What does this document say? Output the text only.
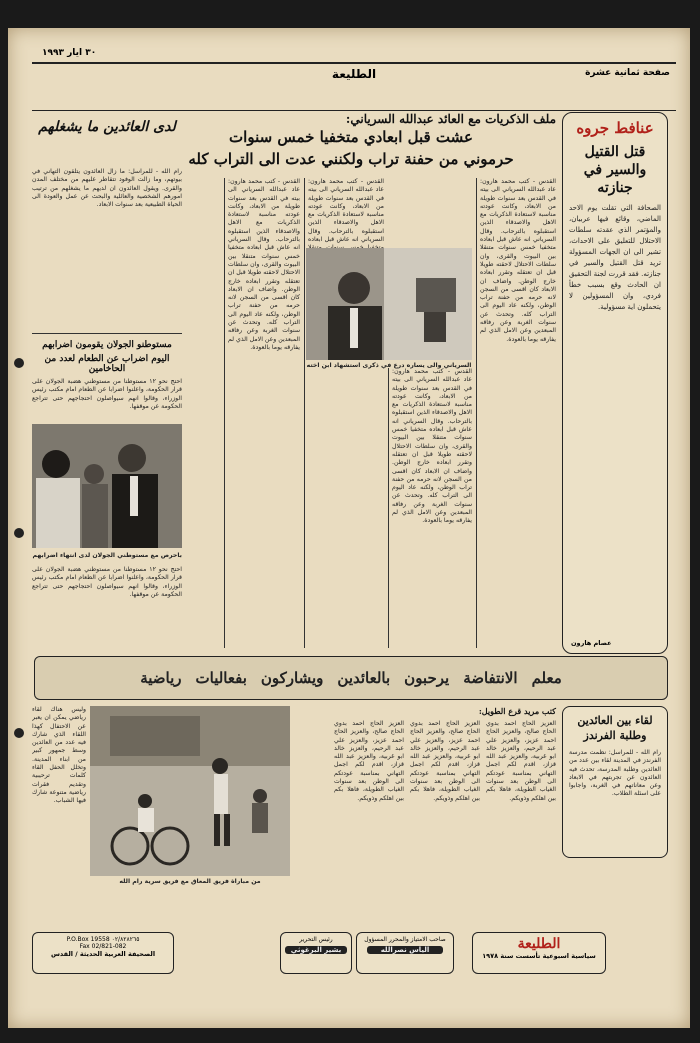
٣٠ ايار ١٩٩٣
صفحة ثمانية عشرة
الطليعة
عنافط جروه
قتل القتيل والسير في جنازته
الصحافة التي تقلت يوم الاحد الماضي، وقائع فيها عربيان، والمؤتمر الذي عقدته سلطات الاحتلال للتعليق على الاحداث، تشير الى ان الجهات المسؤولة تريد قتل القتيل والسير في جنازته. فقد قررت لجنة التحقيق ان الحادث وقع بسبب خطأ فردي، وان المسؤولين لا يتحملون اية مسؤولية.
عصام هارون
ملف الذكريات مع العائد عبدالله السرياني:
عشت قبل ابعادي متخفيا خمس سنوات
حرموني من حفنة تراب ولكنني عدت الى التراب كله
القدس - كتب محمد هارون: عاد عبدالله السرياني الى بيته في القدس بعد سنوات طويلة من الابعاد، وكانت عودته مناسبة لاستعادة الذكريات مع الاهل والاصدقاء الذين استقبلوه بالترحاب. وقال السرياني انه عاش قبل ابعاده متخفيا خمس سنوات متنقلا بين البيوت والقرى، وان سلطات الاحتلال لاحقته طويلا قبل ان تعتقله وتقرر ابعاده خارج الوطن. واضاف ان الابعاد كان اقسى من السجن لانه حرمه من حفنة تراب الوطن، ولكنه عاد اليوم الى التراب كله. وتحدث عن سنوات الغربة وعن رفاقه المبعدين وعن الامل الذي لم يفارقه يوما بالعودة.
القدس - كتب محمد هارون: عاد عبدالله السرياني الى بيته في القدس بعد سنوات طويلة من الابعاد، وكانت عودته مناسبة لاستعادة الذكريات مع الاهل والاصدقاء الذين استقبلوه بالترحاب. وقال السرياني انه عاش قبل ابعاده متخفيا خمس سنوات متنقلا بين البيوت والقرى، وان سلطات الاحتلال لاحقته طويلا قبل ان تعتقله وتقرر ابعاده خارج الوطن. واضاف ان الابعاد كان اقسى من السجن لانه حرمه من حفنة تراب الوطن، ولكنه عاد اليوم الى التراب كله. وتحدث عن سنوات الغربة وعن رفاقه المبعدين وعن الامل الذي لم يفارقه يوما بالعودة.
القدس - كتب محمد هارون: عاد عبدالله السرياني الى بيته في القدس بعد سنوات طويلة من الابعاد، وكانت عودته مناسبة لاستعادة الذكريات مع الاهل والاصدقاء الذين استقبلوه بالترحاب. وقال السرياني انه عاش قبل ابعاده
القدس - كتب محمد هارون: عاد عبدالله السرياني الى بيته في القدس بعد سنوات طويلة من الابعاد، وكانت عودته مناسبة لاستعادة الذكريات مع الاهل والاصدقاء الذين استقبلوه بالترحاب. وقال السرياني انه عاش قبل ابعاده متخفيا خمس سنوات متنقلا بين البيوت والقرى، وان سلطات الاحتلال لاحقته طويلا قبل ان تعتقله وتقرر ابعاده خارج الوطن. واضاف ان الابعاد كان اقسى من السجن لانه حرمه من حفنة تراب الوطن، ولكنه عاد اليوم الى التراب كله. وتحدث عن سنوات الغربة وعن رفاقه المبعدين وعن الامل الذي لم يفارقه يوما بالعودة.
السرياني والى يساره درع في ذكرى استشهاد ابن اخته
لدى العائدين ما يشغلهم
رام الله - للمراسل: ما زال العائدون يتلقون التهاني في بيوتهم، وما زالت الوفود تتقاطر عليهم من مختلف المدن والقرى. ويقول العائدون ان لديهم ما يشغلهم من ترتيب امورهم الشخصية والعائلية والبحث عن عمل والعودة الى الحياة الطبيعية بعد سنوات الابعاد.
مستوطنو الجولان يقومون اضرابهم
اليوم اضراب عن الطعام لعدد من الحاخامين
احتج نحو ١٢ مستوطنا من مستوطني هضبة الجولان على قرار الحكومة، واعلنوا اضرابا عن الطعام امام مكتب رئيس الوزراء، وقالوا انهم سيواصلون احتجاجهم حتى تتراجع الحكومة عن موقفها.
باحرص مع مستوطني الجولان لدى انتهاء اضرابهم
احتج نحو ١٢ مستوطنا من مستوطني هضبة الجولان على قرار الحكومة، واعلنوا اضرابا عن الطعام امام مكتب رئيس الوزراء، وقالوا انهم سيواصلون احتجاجهم حتى تتراجع الحكومة عن موقفها.
معلم
الانتفاضة
يرحبون
بالعائدين
ويشاركون
بفعاليات
رياضية
لقاء بين العائدين وطلبة الفرندز
رام الله - للمراسل: نظمت مدرسة الفرندز في المدينة لقاء بين عدد من العائدين وطلبة المدرسة، تحدث فيه العائدون عن تجربتهم في الابعاد وعن معاناتهم في الغربة، واجابوا على اسئلة الطلاب.
كتب مريد قرع الطويل:
العزيز الحاج احمد بدوي الحاج صالح، والعزيز الحاج احمد عزيز، والعزيز علي عبد الرحيم، والعزيز خالد ابو غربية، والعزيز عبد الله قزاز، اقدم لكم اجمل التهاني بمناسبة عودتكم الى الوطن بعد سنوات الغياب الطويلة، فاهلا بكم بين اهلكم وذويكم.
العزيز الحاج احمد بدوي الحاج صالح، والعزيز الحاج احمد عزيز، والعزيز علي عبد الرحيم، والعزيز خالد ابو غربية، والعزيز عبد الله قزاز، اقدم لكم اجمل التهاني بمناسبة عودتكم الى الوطن بعد سنوات الغياب الطويلة، فاهلا بكم بين اهلكم وذويكم.
العزيز الحاج احمد بدوي الحاج صالح، والعزيز الحاج احمد عزيز، والعزيز علي عبد الرحيم، والعزيز خالد ابو غربية، والعزيز عبد الله قزاز، اقدم لكم اجمل التهاني بمناسبة عودتكم الى الوطن بعد سنوات الغياب الطويلة، فاهلا بكم بين اهلكم وذويكم.
من مباراة فريق المعاق مع فريق سرية رام الله
وليس هناك لقاء رياضي يمكن ان يعبر عن الاحتفال كهذا اللقاء الذي شارك فيه عدد من العائدين وسط جمهور كبير من ابناء المدينة. وتخلل الحفل القاء كلمات ترحيبية وتقديم فقرات رياضية متنوعة شارك فيها الشباب.
الطليعة
سياسية اسبوعية تأسست سنة ١٩٧٨
صاحب الامتياز والمحرر المسؤول
الياس نصرالله
رئيس التحرير
بشير البرغوثي
P.O.Box 19558 ٠٢/٨٢٨٢٦٥
Fax 02/821-082
الصحيفة العربية الحديثة / القدس
